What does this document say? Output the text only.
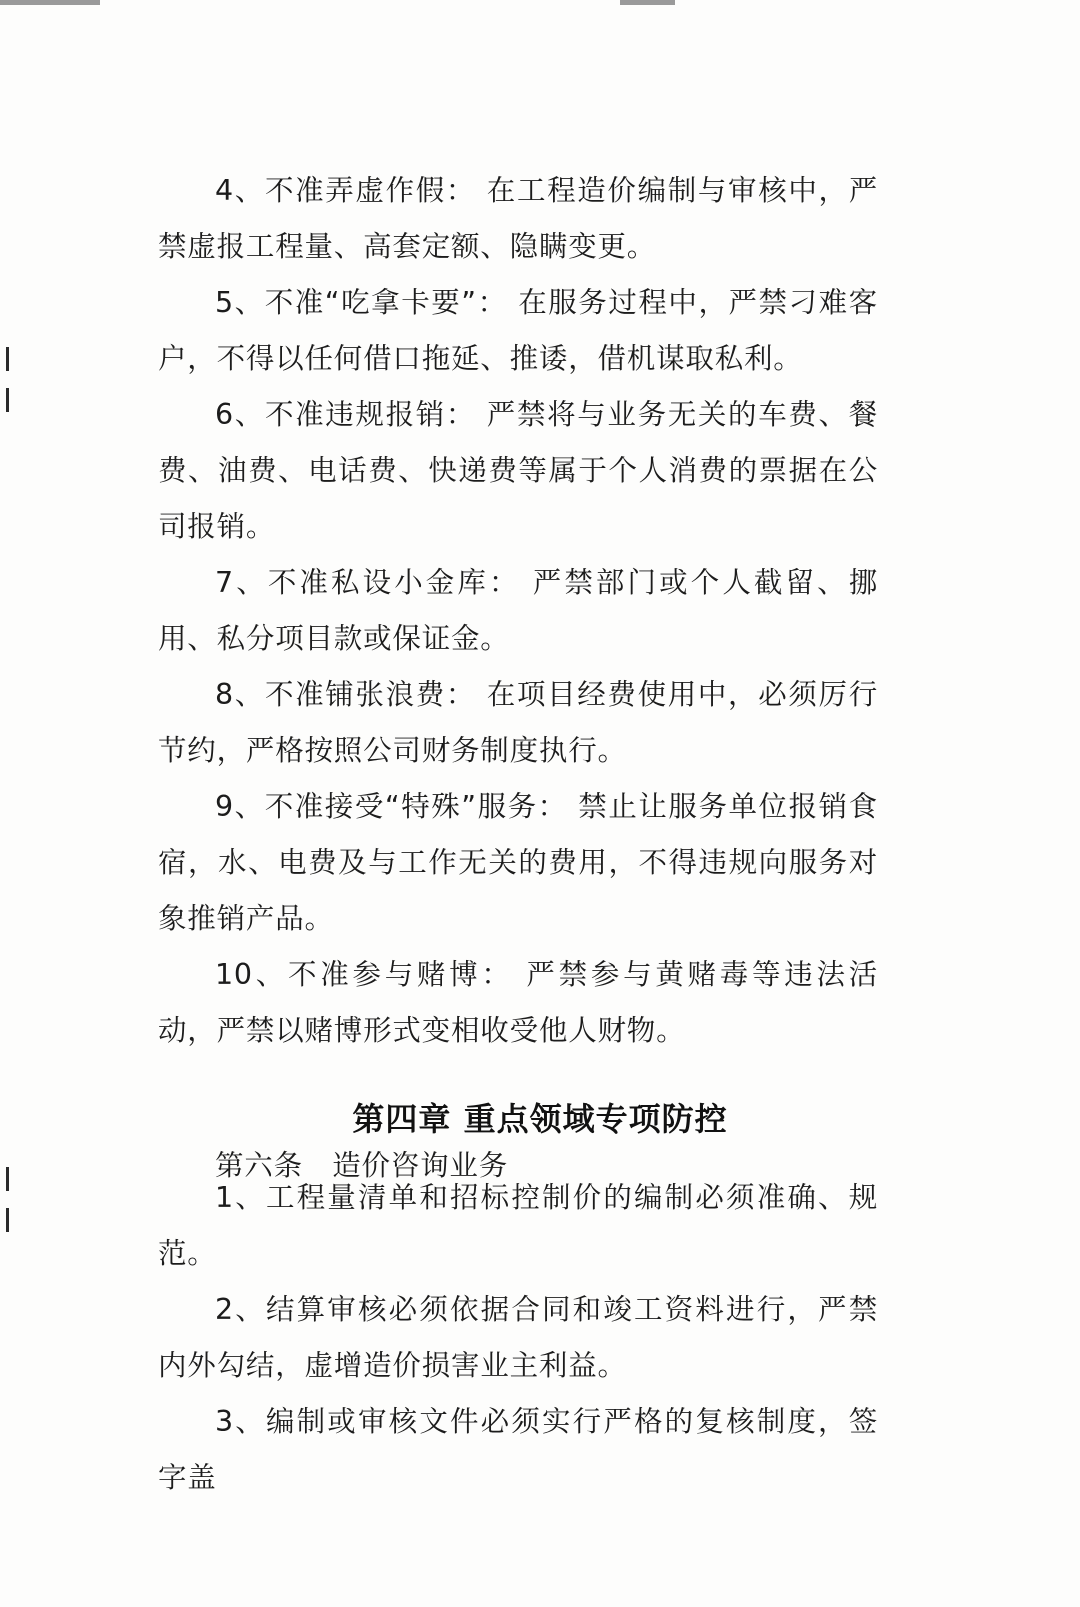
4、不准弄虚作假： 在工程造价编制与审核中，严禁虚报工程量、高套定额、隐瞒变更。

5、不准“吃拿卡要”： 在服务过程中，严禁刁难客户，不得以任何借口拖延、推诿，借机谋取私利。

6、不准违规报销： 严禁将与业务无关的车费、餐费、油费、电话费、快递费等属于个人消费的票据在公司报销。

7、不准私设小金库： 严禁部门或个人截留、挪用、私分项目款或保证金。

8、不准铺张浪费： 在项目经费使用中，必须厉行节约，严格按照公司财务制度执行。

9、不准接受“特殊”服务： 禁止让服务单位报销食宿，水、电费及与工作无关的费用，不得违规向服务对象推销产品。

10、不准参与赌博： 严禁参与黄赌毒等违法活动，严禁以赌博形式变相收受他人财物。

第四章 重点领域专项防控
第六条　造价咨询业务

1、工程量清单和招标控制价的编制必须准确、规范。

2、结算审核必须依据合同和竣工资料进行，严禁内外勾结，虚增造价损害业主利益。

3、编制或审核文件必须实行严格的复核制度，签字盖
